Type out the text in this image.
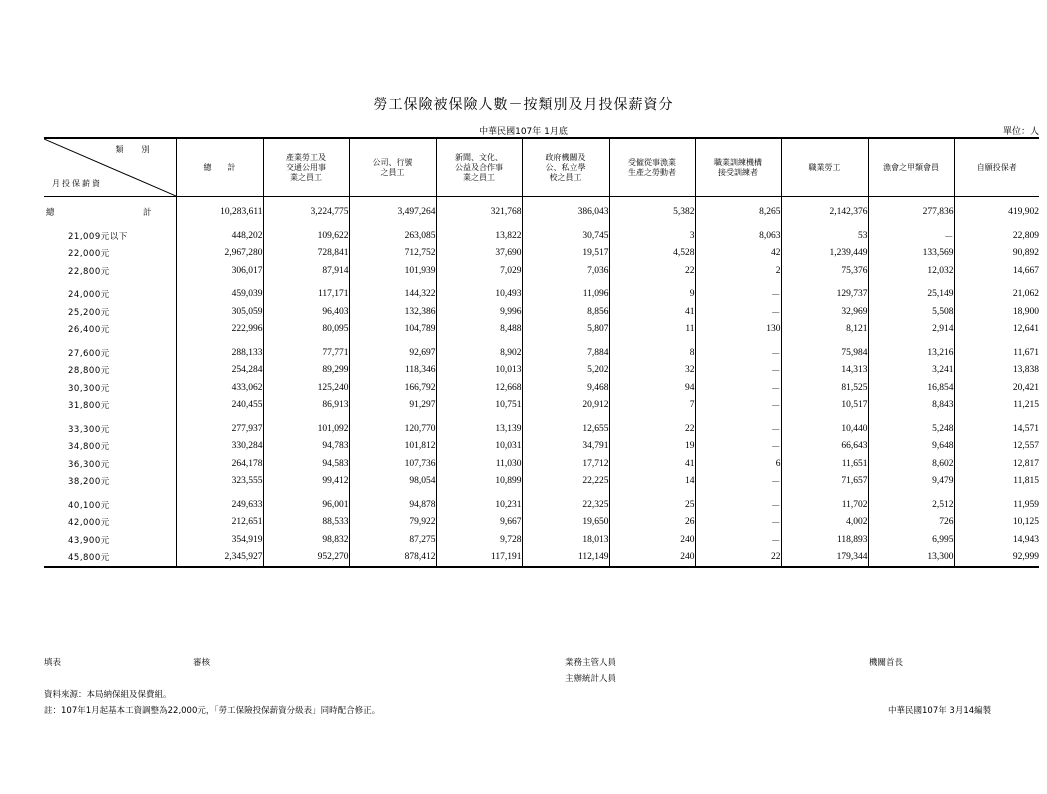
勞工保險被保險人數－按類別及月投保薪資分
中華民國107年 1月底	單位：人
類別
月投保薪資	總　　計	產業勞工及
交通公用事
業之員工	公司、行號
之員工	新聞、文化、
公益及合作事
業之員工	政府機關及
公、私立學
校之員工	受僱從事漁業
生產之勞動者	職業訓練機構
接受訓練者	職業勞工	漁會之甲類會員	自願投保者
總 計	10,283,611	3,224,775	3,497,264	321,768	386,043	5,382	8,265	2,142,376	277,836	419,902
21,009元以下	448,202	109,622	263,085	13,822	30,745	3	8,063	53	－	22,809
22,000元	2,967,280	728,841	712,752	37,690	19,517	4,528	42	1,239,449	133,569	90,892
22,800元	306,017	87,914	101,939	7,029	7,036	22	2	75,376	12,032	14,667

24,000元	459,039	117,171	144,322	10,493	11,096	9	－	129,737	25,149	21,062
25,200元	305,059	96,403	132,386	9,996	8,856	41	－	32,969	5,508	18,900
26,400元	222,996	80,095	104,789	8,488	5,807	11	130	8,121	2,914	12,641

27,600元	288,133	77,771	92,697	8,902	7,884	8	－	75,984	13,216	11,671
28,800元	254,284	89,299	118,346	10,013	5,202	32	－	14,313	3,241	13,838
30,300元	433,062	125,240	166,792	12,668	9,468	94	－	81,525	16,854	20,421
31,800元	240,455	86,913	91,297	10,751	20,912	7	－	10,517	8,843	11,215

33,300元	277,937	101,092	120,770	13,139	12,655	22	－	10,440	5,248	14,571
34,800元	330,284	94,783	101,812	10,031	34,791	19	－	66,643	9,648	12,557
36,300元	264,178	94,583	107,736	11,030	17,712	41	6	11,651	8,602	12,817
38,200元	323,555	99,412	98,054	10,899	22,225	14	－	71,657	9,479	11,815

40,100元	249,633	96,001	94,878	10,231	22,325	25	－	11,702	2,512	11,959
42,000元	212,651	88,533	79,922	9,667	19,650	26	－	4,002	726	10,125
43,900元	354,919	98,832	87,275	9,728	18,013	240	－	118,893	6,995	14,943
45,800元	2,345,927	952,270	878,412	117,191	112,149	240	22	179,344	13,300	92,999
填表	審核	業務主管人員
主辦統計人員
機關首長
資料來源：本局納保組及保費組。
註：107年1月起基本工資調整為22,000元，「勞工保險投保薪資分級表」同時配合修正。	中華民國107年 3月14編製
